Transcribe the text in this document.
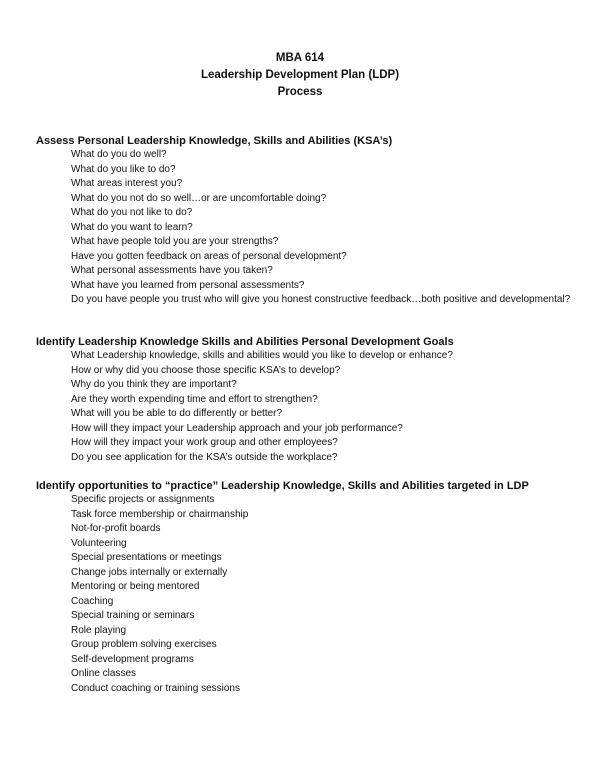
MBA 614
Leadership Development Plan (LDP)
Process

Assess Personal Leadership Knowledge, Skills and Abilities (KSA’s)

What do you do well?
What do you like to do?
What areas interest you?
What do you not do so well…or are uncomfortable doing?
What do you not like to do?
What do you want to learn?
What have people told you are your strengths?
Have you gotten feedback on areas of personal development?
What personal assessments have you taken?
What have you learned from personal assessments?
Do you have people you trust who will give you honest constructive feedback…both positive and developmental?

Identify Leadership Knowledge Skills and Abilities Personal Development Goals

What Leadership knowledge, skills and abilities would you like to develop or enhance?
How or why did you choose those specific KSA’s to develop?
Why do you think they are important?
Are they worth expending time and effort to strengthen?
What will you be able to do differently or better?
How will they impact your Leadership approach and your job performance?
How will they impact your work group and other employees?
Do you see application for the KSA’s outside the workplace?

Identify opportunities to “practice” Leadership Knowledge, Skills and Abilities targeted in LDP

Specific projects or assignments
Task force membership or chairmanship
Not-for-profit boards
Volunteering
Special presentations or meetings
Change jobs internally or externally
Mentoring or being mentored
Coaching
Special training or seminars
Role playing
Group problem solving exercises
Self-development programs
Online classes
Conduct coaching or training sessions
